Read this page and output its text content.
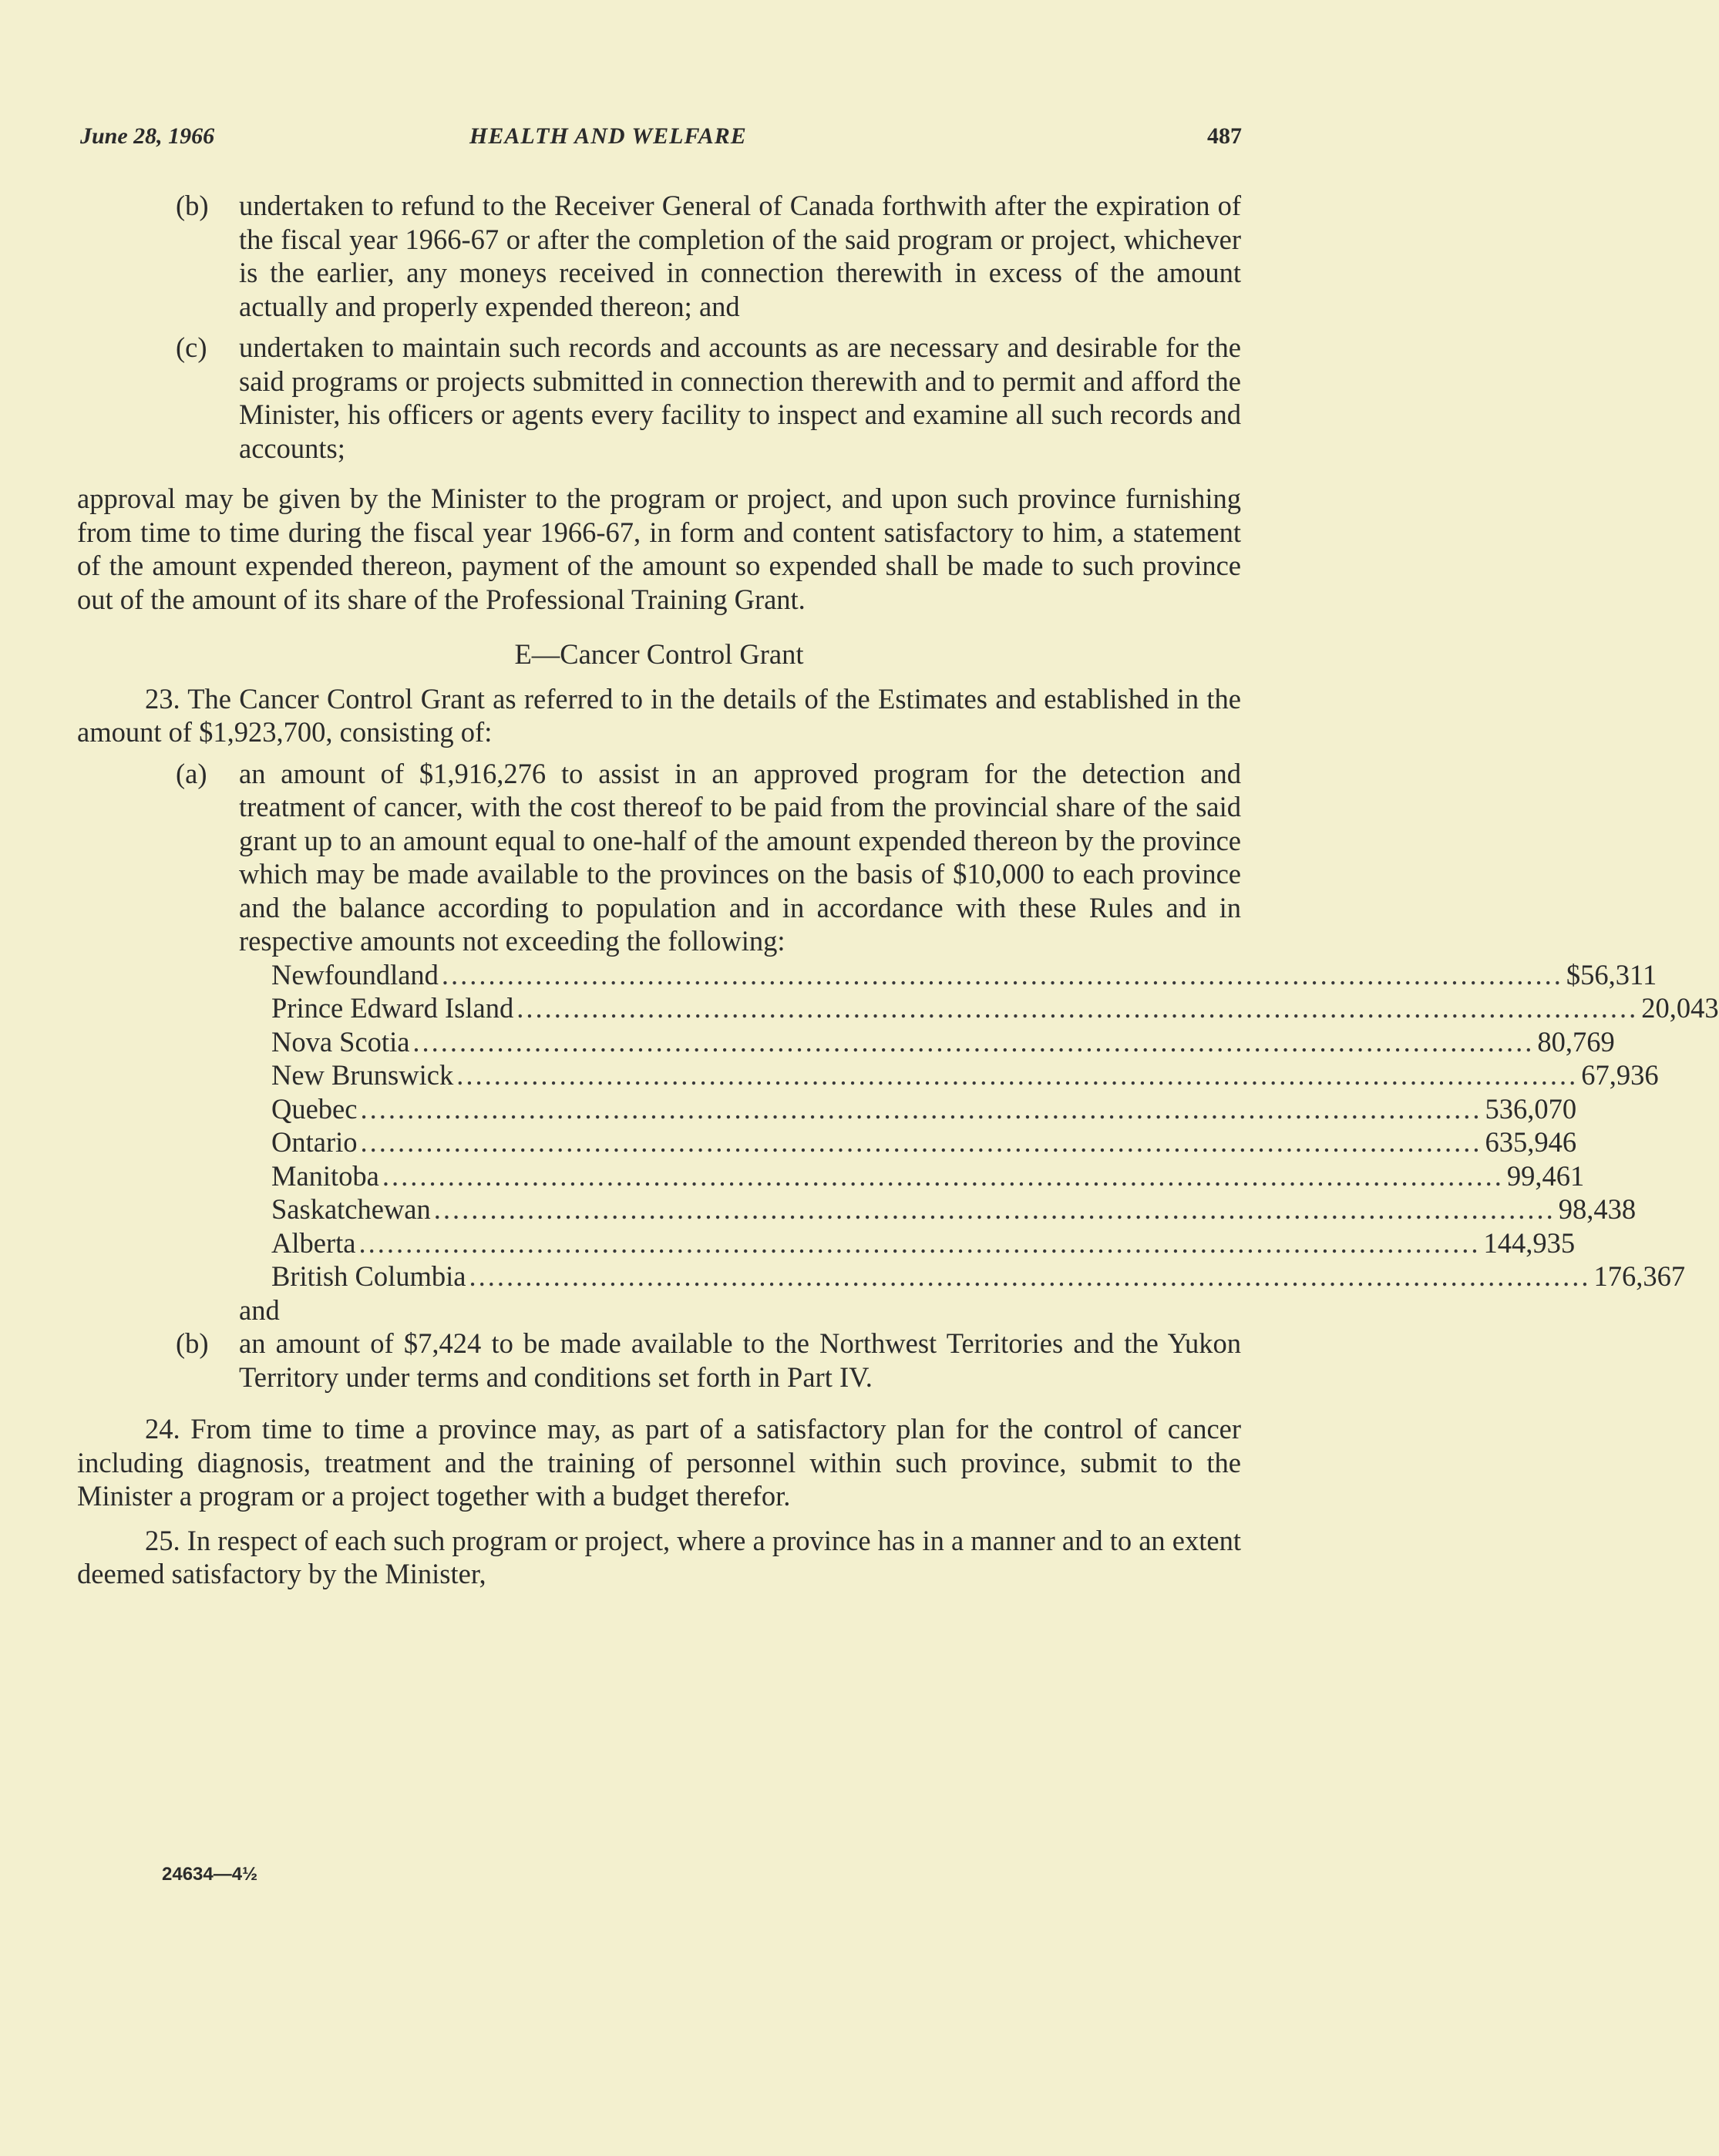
June 28, 1966	HEALTH AND WELFARE	487
(b) undertaken to refund to the Receiver General of Canada forthwith after the expiration of the fiscal year 1966-67 or after the completion of the said program or project, whichever is the earlier, any moneys received in connection therewith in excess of the amount actually and properly expended thereon; and

(c) undertaken to maintain such records and accounts as are necessary and desirable for the said programs or projects submitted in connection therewith and to permit and afford the Minister, his officers or agents every facility to inspect and examine all such records and accounts;

approval may be given by the Minister to the program or project, and upon such province furnishing from time to time during the fiscal year 1966-67, in form and content satisfactory to him, a statement of the amount expended thereon, payment of the amount so expended shall be made to such province out of the amount of its share of the Professional Training Grant.

E—Cancer Control Grant

23. The Cancer Control Grant as referred to in the details of the Estimates and established in the amount of $1,923,700, consisting of:

(a) an amount of $1,916,276 to assist in an approved program for the detection and treatment of cancer, with the cost thereof to be paid from the provincial share of the said grant up to an amount equal to one-half of the amount expended thereon by the province which may be made available to the provinces on the basis of $10,000 to each province and the balance according to population and in accordance with these Rules and in respective amounts not exceeding the following:

Newfoundland ........................................................................................................................ $ 56,311
Prince Edward Island ........................................................................................................................ 20,043
Nova Scotia ........................................................................................................................ 80,769
New Brunswick ........................................................................................................................ 67,936
Quebec ........................................................................................................................ 536,070
Ontario ........................................................................................................................ 635,946
Manitoba ........................................................................................................................ 99,461
Saskatchewan ........................................................................................................................ 98,438
Alberta ........................................................................................................................ 144,935
British Columbia ........................................................................................................................ 176,367
and
(b) an amount of $7,424 to be made available to the Northwest Territories and the Yukon Territory under terms and conditions set forth in Part IV.

24. From time to time a province may, as part of a satisfactory plan for the control of cancer including diagnosis, treatment and the training of personnel within such province, submit to the Minister a program or a project together with a budget therefor.

25. In respect of each such program or project, where a province has in a manner and to an extent deemed satisfactory by the Minister,

24634—4½
